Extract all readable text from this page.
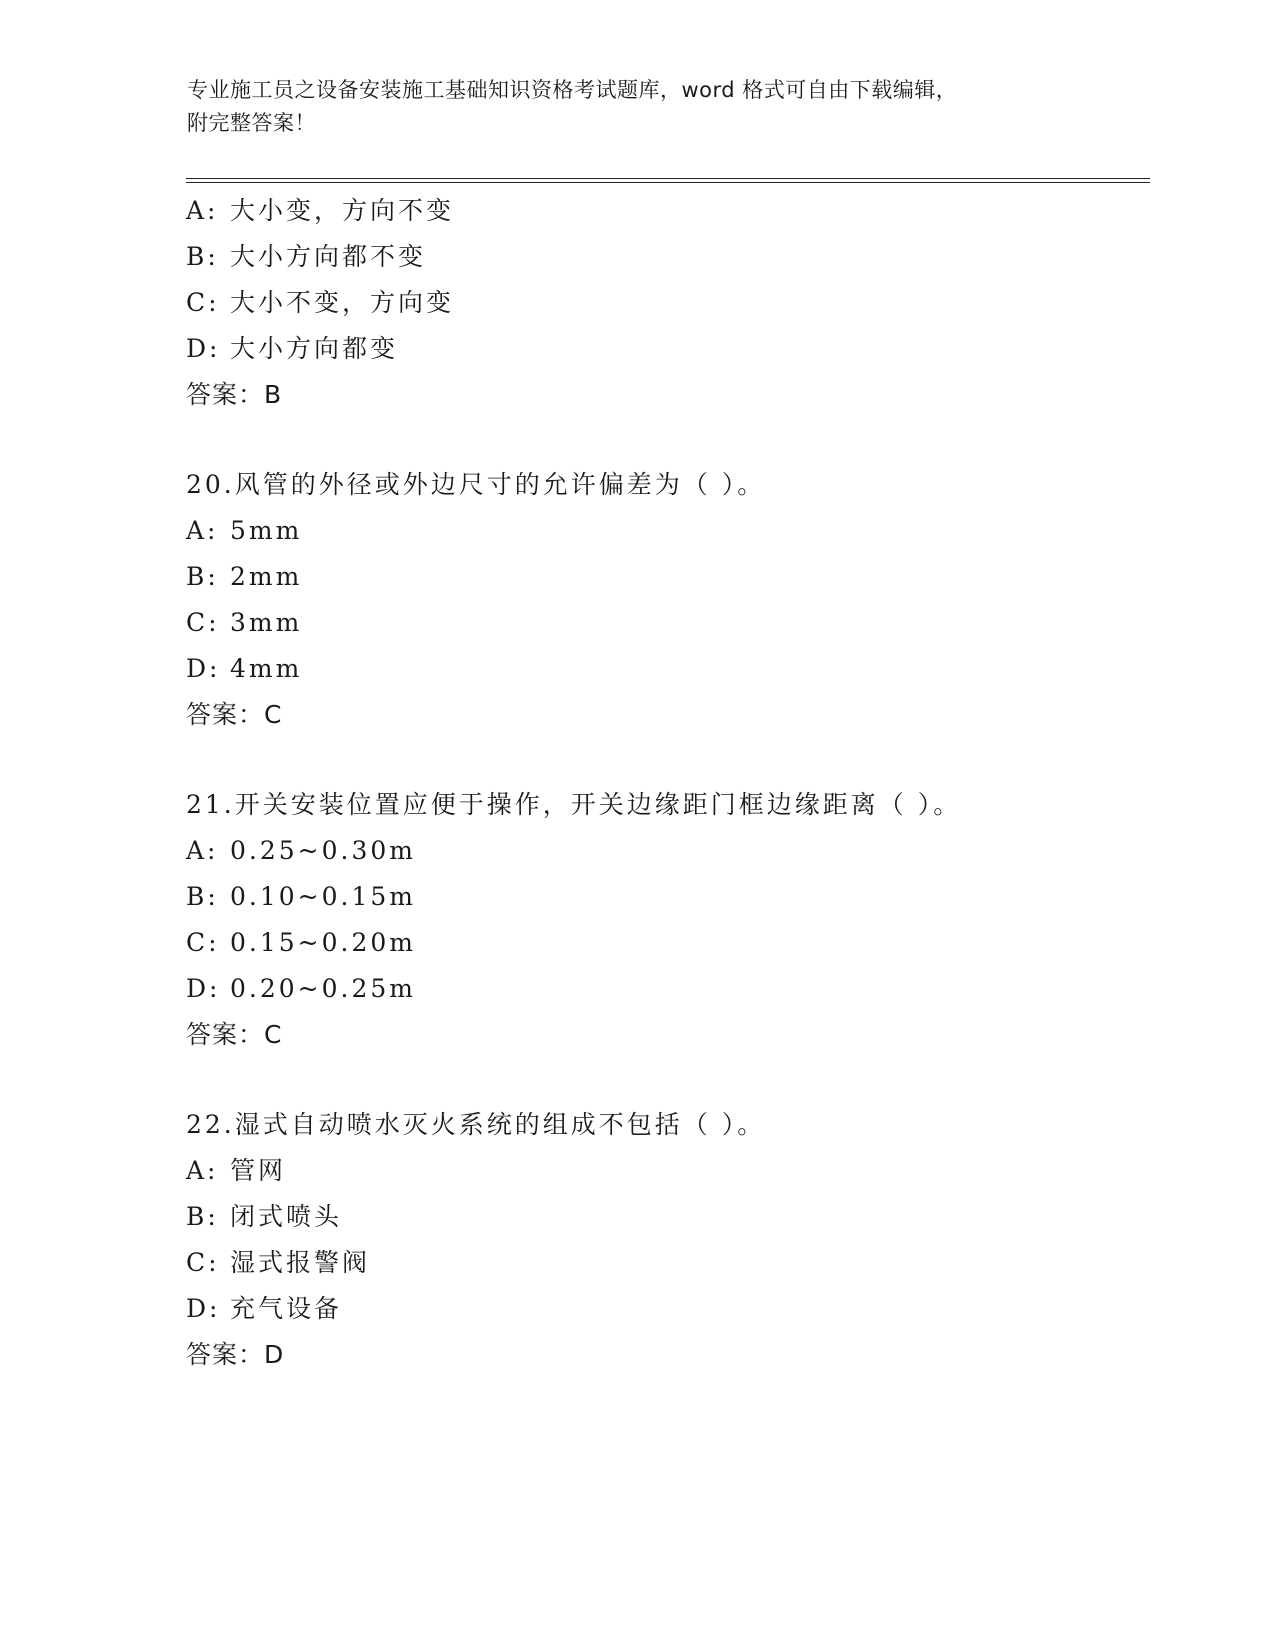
专业施工员之设备安装施工基础知识资格考试题库，word 格式可自由下载编辑，
附完整答案！
A: 大小变，方向不变
B: 大小方向都不变
C: 大小不变，方向变
D: 大小方向都变
答案：B
20.风管的外径或外边尺寸的允许偏差为（ ）。
A: 5mm
B: 2mm
C: 3mm
D: 4mm
答案：C
21.开关安装位置应便于操作，开关边缘距门框边缘距离（ ）。
A: 0.25~0.30m
B: 0.10~0.15m
C: 0.15~0.20m
D: 0.20~0.25m
答案：C
22.湿式自动喷水灭火系统的组成不包括（ ）。
A: 管网
B: 闭式喷头
C: 湿式报警阀
D: 充气设备
答案：D
